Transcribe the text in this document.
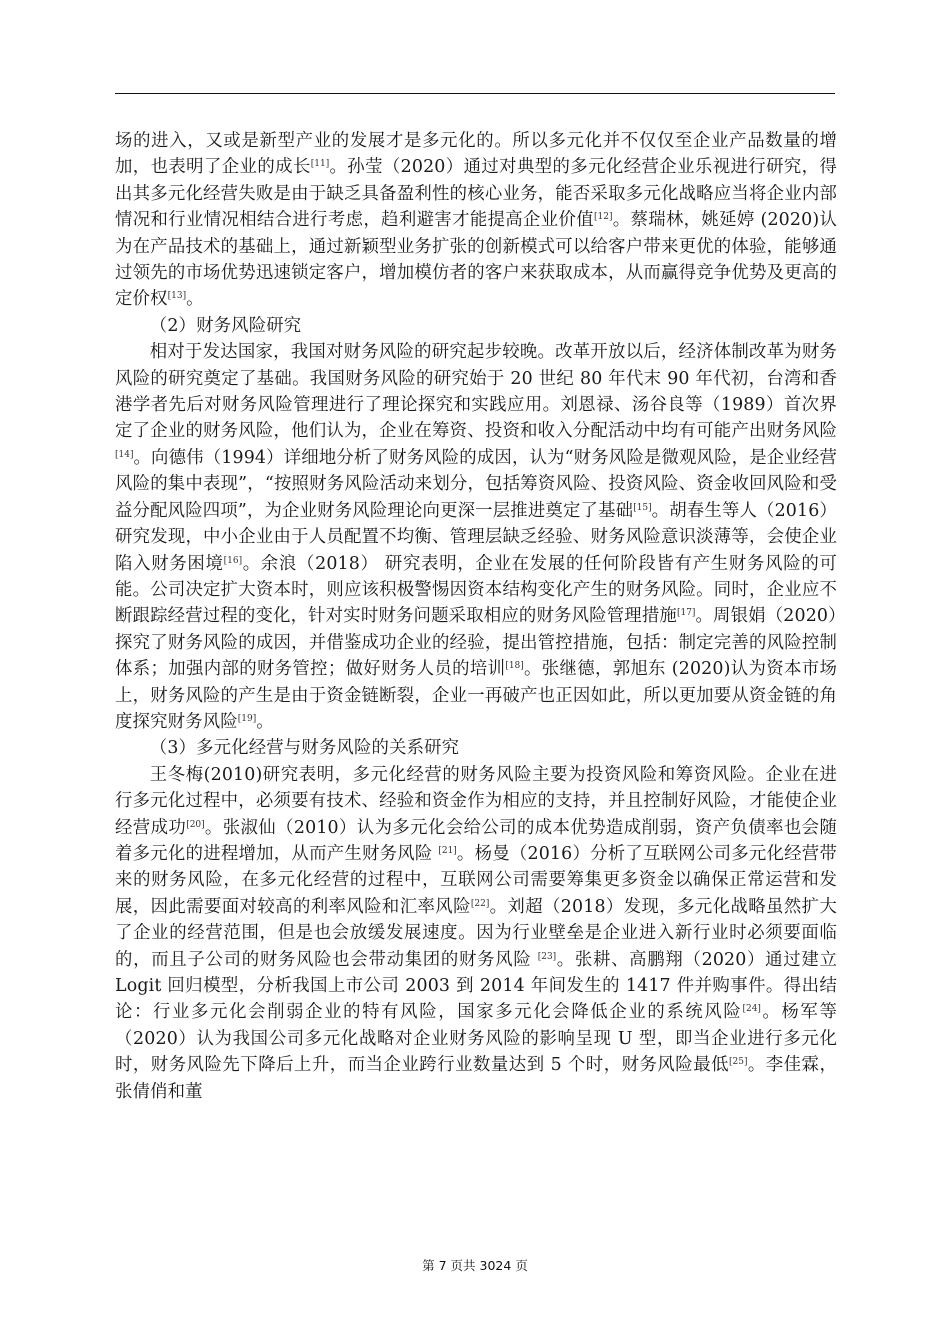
场的进入，又或是新型产业的发展才是多元化的。所以多元化并不仅仅至企业产品数量的增加，也表明了企业的成长[11]。孙莹（2020）通过对典型的多元化经营企业乐视进行研究，得出其多元化经营失败是由于缺乏具备盈利性的核心业务，能否采取多元化战略应当将企业内部情况和行业情况相结合进行考虑，趋利避害才能提高企业价值[12]。蔡瑞林，姚延婷 (2020)认为在产品技术的基础上，通过新颖型业务扩张的创新模式可以给客户带来更优的体验，能够通过领先的市场优势迅速锁定客户，增加模仿者的客户来获取成本，从而赢得竞争优势及更高的定价权[13]。

（2）财务风险研究

相对于发达国家，我国对财务风险的研究起步较晚。改革开放以后，经济体制改革为财务风险的研究奠定了基础。我国财务风险的研究始于 20 世纪 80 年代末 90 年代初，台湾和香港学者先后对财务风险管理进行了理论探究和实践应用。刘恩禄、汤谷良等（1989）首次界定了企业的财务风险，他们认为，企业在筹资、投资和收入分配活动中均有可能产出财务风险[14]。向德伟（1994）详细地分析了财务风险的成因，认为“财务风险是微观风险，是企业经营风险的集中表现”，“按照财务风险活动来划分，包括筹资风险、投资风险、资金收回风险和受益分配风险四项”，为企业财务风险理论向更深一层推进奠定了基础[15]。胡春生等人（2016）研究发现，中小企业由于人员配置不均衡、管理层缺乏经验、财务风险意识淡薄等，会使企业陷入财务困境[16]。余浪（2018） 研究表明，企业在发展的任何阶段皆有产生财务风险的可能。公司决定扩大资本时，则应该积极警惕因资本结构变化产生的财务风险。同时，企业应不断跟踪经营过程的变化，针对实时财务问题采取相应的财务风险管理措施[17]。周银娟（2020）探究了财务风险的成因，并借鉴成功企业的经验，提出管控措施，包括：制定完善的风险控制体系；加强内部的财务管控；做好财务人员的培训[18]。张继德，郭旭东 (2020)认为资本市场上，财务风险的产生是由于资金链断裂，企业一再破产也正因如此，所以更加要从资金链的角度探究财务风险[19]。

（3）多元化经营与财务风险的关系研究

王冬梅(2010)研究表明，多元化经营的财务风险主要为投资风险和筹资风险。企业在进行多元化过程中，必须要有技术、经验和资金作为相应的支持，并且控制好风险，才能使企业经营成功[20]。张淑仙（2010）认为多元化会给公司的成本优势造成削弱，资产负债率也会随着多元化的进程增加，从而产生财务风险 [21]。杨曼（2016）分析了互联网公司多元化经营带来的财务风险，在多元化经营的过程中，互联网公司需要筹集更多资金以确保正常运营和发展，因此需要面对较高的利率风险和汇率风险[22]。刘超（2018）发现，多元化战略虽然扩大了企业的经营范围，但是也会放缓发展速度。因为行业壁垒是企业进入新行业时必须要面临的，而且子公司的财务风险也会带动集团的财务风险 [23]。张耕、高鹏翔（2020）通过建立Logit 回归模型，分析我国上市公司 2003 到 2014 年间发生的 1417 件并购事件。得出结论：行业多元化会削弱企业的特有风险，国家多元化会降低企业的系统风险[24]。杨军等（2020）认为我国公司多元化战略对企业财务风险的影响呈现 U 型，即当企业进行多元化时，财务风险先下降后上升，而当企业跨行业数量达到 5 个时，财务风险最低[25]。李佳霖，张倩俏和董

第 7 页共 3024 页
